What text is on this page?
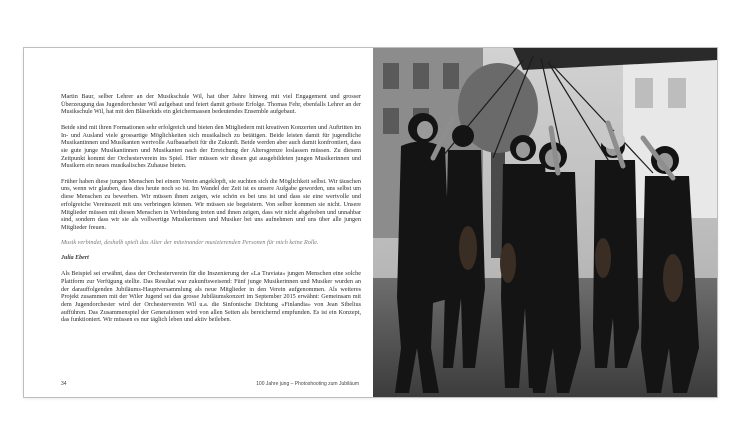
Martin Baur, selber Lehrer an der Musikschule Wil, hat über Jahre hinweg mit viel Engagement und grosser Überzeugung das Jugendorchester Wil aufgebaut und feiert damit grösste Erfolge. Thomas Fehr, ebenfalls Lehrer an der Musikschule Wil, hat mit den Bläserkids ein gleichermassen bedeutendes Ensemble aufgebaut.

Beide sind mit ihren Formationen sehr erfolgreich und bieten den Mitgliedern mit kreativen Konzerten und Auftritten im In- und Ausland viele grossartige Möglichkeiten sich musikalisch zu betätigen. Beide leisten damit für jugendliche Musikantinnen und Musikanten wertvolle Aufbauarbeit für die Zukunft. Beide werden aber auch damit konfrontiert, dass sie gute junge Musikantinnen und Musikanten nach der Erreichung der Altersgrenze loslassen müssen. Zu diesem Zeitpunkt kommt der Orchesterverein ins Spiel. Hier müssen wir diesen gut ausgebildeten jungen Musikerinnen und Musikern ein neues musikalisches Zuhause bieten.

Früher haben diese jungen Menschen bei einem Verein angeklopft, sie suchten sich die Möglichkeit selbst. Wir täuschen uns, wenn wir glauben, dass dies heute noch so ist. Im Wandel der Zeit ist es unsere Aufgabe geworden, uns selbst um diese Menschen zu bewerben. Wir müssen ihnen zeigen, wie schön es bei uns ist und dass sie eine wertvolle und erfolgreiche Vereinszeit mit uns verbringen können. Wir müssen sie begeistern. Von selber kommen sie nicht. Unsere Mitglieder müssen mit diesen Menschen in Verbindung treten und ihnen zeigen, dass wir nicht abgehoben und unnahbar sind, sondern dass wir sie als vollwertige Musikerinnen und Musiker bei uns aufnehmen und uns über alle jungen Mitglieder freuen.

Musik verbindet, deshalb spielt das Alter der miteinander musizierenden Personen für mich keine Rolle.

Julia Ebert

Als Beispiel sei erwähnt, dass der Orchesterverein für die Inszenierung der «La Traviata» jungen Menschen eine solche Plattform zur Verfügung stellte. Das Resultat war zukunftsweisend: Fünf junge Musikerinnen und Musiker wurden an der darauffolgenden Jubiläums-Hauptversammlung als neue Mitglieder in den Verein aufgenommen. Als weiteres Projekt zusammen mit der Wiler Jugend sei das grosse Jubiläumskonzert im September 2015 erwähnt: Gemeinsam mit dem Jugendorchester wird der Orchesterverein Wil u.a. die Sinfonische Dichtung «Finlandia» von Jean Sibelius aufführen. Das Zusammenspiel der Generationen wird von allen Seiten als bereichernd empfunden. Es ist ein Konzept, das funktioniert. Wir müssen es nur täglich leben und aktiv beileben.

34	100 Jahre jung – Photoshooting zum Jubiläum
